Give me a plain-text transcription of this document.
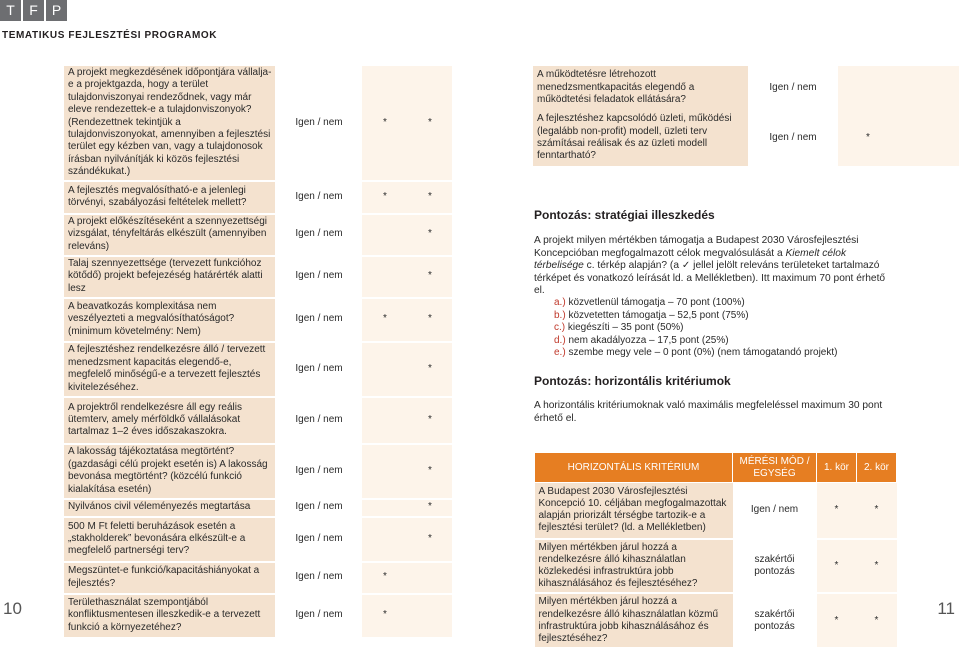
T	F	P
TEMATIKUS FEJLESZTÉSI PROGRAMOK
A projekt megkezdésének időpontjára vállalja-e a projektgazda, hogy a terület tulajdonviszonyai rendeződnek, vagy már eleve rendezettek-e a tulajdonviszonyok? (Rendezettnek tekintjük a tulajdonviszonyokat, amennyiben a fejlesztési terület egy kézben van, vagy a tulajdonosok írásban nyilvánítják ki közös fejlesztési szándékukat.)	Igen / nem	*	*
A fejlesztés megvalósítható-e a jelenlegi törvényi, szabályozási feltételek mellett?	Igen / nem	*	*
A projekt előkészítéseként a szennyezettségi vizsgálat, tényfeltárás elkészült (amennyiben releváns)	Igen / nem		*
Talaj szennyezettsége (tervezett funkcióhoz kötődő) projekt befejezéség határérték alatti lesz	Igen / nem		*
A beavatkozás komplexitása nem veszélyezteti a megvalósíthatóságot? (minimum követelmény: Nem)	Igen / nem	*	*
A fejlesztéshez rendelkezésre álló / tervezett menedzsment kapacitás elegendő-e, megfelelő minőségű-e a tervezett fejlesztés kivitelezéséhez.	Igen / nem		*
A projektről rendelkezésre áll egy reális ütemterv, amely mérföldkő vállalásokat tartalmaz 1–2 éves időszakaszokra.	Igen / nem		*
A lakosság tájékoztatása megtörtént? (gazdasági célú projekt esetén is) A lakosság bevonása megtörtént? (közcélú funkció kialakítása esetén)	Igen / nem		*
Nyilvános civil véleményezés megtartása	Igen / nem		*
500 M Ft feletti beruházások esetén a „stakholderek” bevonására elkészült-e a megfelelő partnerségi terv?	Igen / nem		*
Megszüntet-e funkció/kapacitáshiányokat a fejlesztés?	Igen / nem	*	
Területhasználat szempontjából konfliktusmentesen illeszkedik-e a tervezett funkció a környezetéhez?	Igen / nem	*	
A működtetésre létrehozott menedzsmentkapacitás elegendő a működtetési feladatok ellátására?	Igen / nem		
A fejlesztéshez kapcsolódó üzleti, működési (legalább non-profit) modell, üzleti terv számításai reálisak és az üzleti modell fenntartható?	Igen / nem	*	
Pontozás: stratégiai illeszkedés
A projekt milyen mértékben támogatja a Budapest 2030 Városfejlesztési Koncepcióban megfogalmazott célok megvalósulását a Kiemelt célok térbelisége c. térkép alapján? (a ✓ jellel jelölt releváns területeket tartalmazó térképet és vonatkozó leírását ld. a Mellékletben). Itt maximum 70 pont érhető el.
a.) közvetlenül támogatja – 70 pont (100%)
b.) közvetetten támogatja – 52,5 pont (75%)
c.) kiegészíti – 35 pont (50%)
d.) nem akadályozza – 17,5 pont (25%)
e.) szembe megy vele – 0 pont (0%) (nem támogatandó projekt)
Pontozás: horizontális kritériumok
A horizontális kritériumoknak való maximális megfeleléssel maximum 30 pont érhető el.
HORIZONTÁLIS KRITÉRIUM	MÉRÉSI MÓD / EGYSÉG	1. kör	2. kör
A Budapest 2030 Városfejlesztési Koncepció 10. céljában megfogalmazottak alapján priorizált térségbe tartozik-e a fejlesztési terület? (ld. a Mellékletben)	Igen / nem	*	*
Milyen mértékben járul hozzá a rendelkezésre álló kihasználatlan közlekedési infrastruktúra jobb kihasználásához és fejlesztéséhez?	szakértői pontozás	*	*
Milyen mértékben járul hozzá a rendelkezésre álló kihasználatlan közmű infrastruktúra jobb kihasználásához és fejlesztéséhez?	szakértői pontozás	*	*
10	11
